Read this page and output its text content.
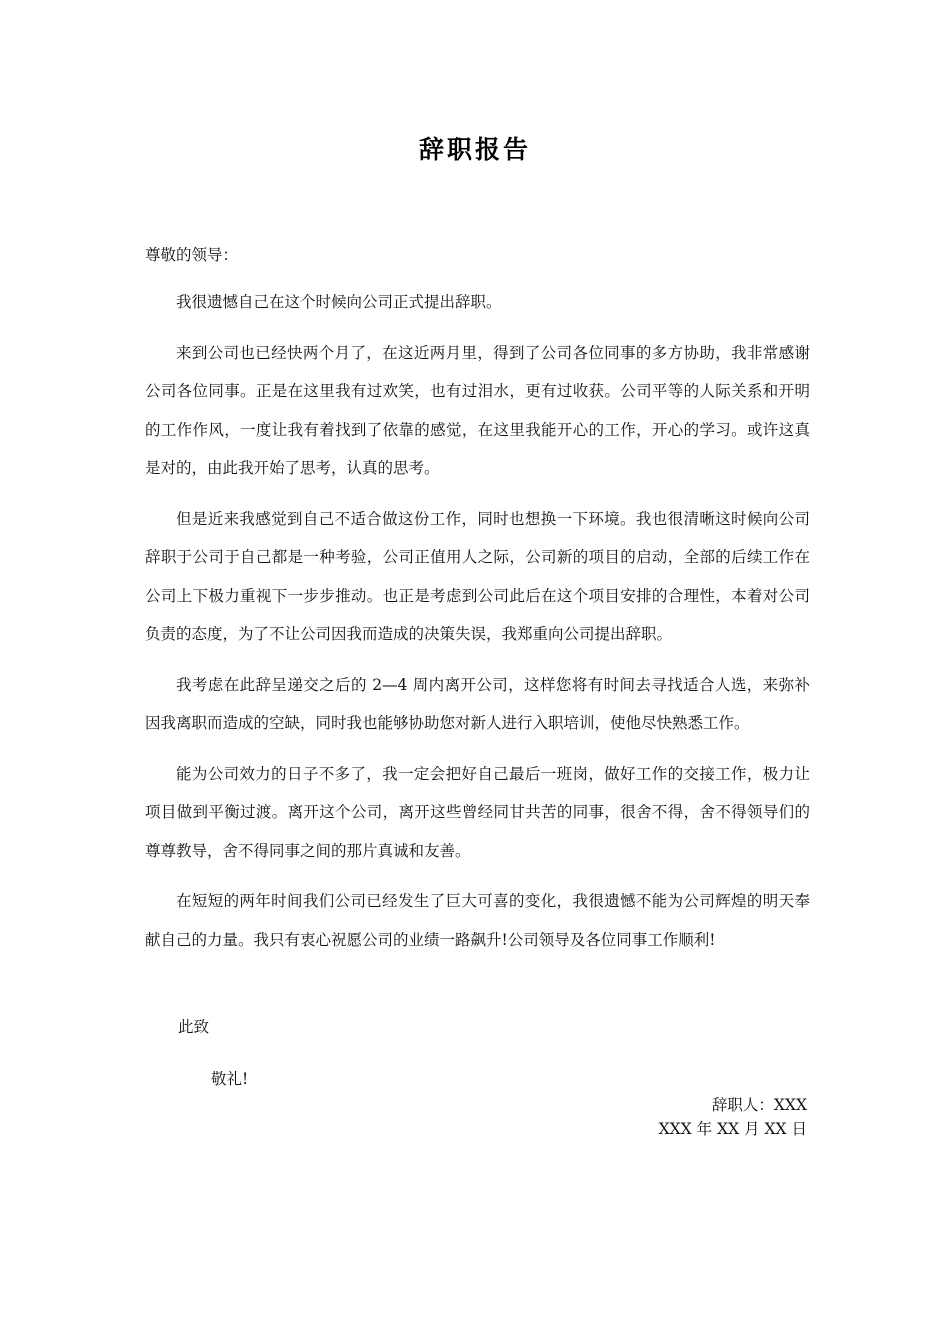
辞职报告
尊敬的领导：

我很遗憾自己在这个时候向公司正式提出辞职。

来到公司也已经快两个月了，在这近两月里，得到了公司各位同事的多方协助，我非常感谢公司各位同事。正是在这里我有过欢笑，也有过泪水，更有过收获。公司平等的人际关系和开明的工作作风，一度让我有着找到了依靠的感觉，在这里我能开心的工作，开心的学习。或许这真是对的，由此我开始了思考，认真的思考。

但是近来我感觉到自己不适合做这份工作，同时也想换一下环境。我也很清晰这时候向公司辞职于公司于自己都是一种考验，公司正值用人之际，公司新的项目的启动，全部的后续工作在公司上下极力重视下一步步推动。也正是考虑到公司此后在这个项目安排的合理性，本着对公司负责的态度，为了不让公司因我而造成的决策失误，我郑重向公司提出辞职。

我考虑在此辞呈递交之后的 2—4 周内离开公司，这样您将有时间去寻找适合人选，来弥补因我离职而造成的空缺，同时我也能够协助您对新人进行入职培训，使他尽快熟悉工作。

能为公司效力的日子不多了，我一定会把好自己最后一班岗，做好工作的交接工作，极力让项目做到平衡过渡。离开这个公司，离开这些曾经同甘共苦的同事，很舍不得，舍不得领导们的尊尊教导，舍不得同事之间的那片真诚和友善。

在短短的两年时间我们公司已经发生了巨大可喜的变化，我很遗憾不能为公司辉煌的明天奉献自己的力量。我只有衷心祝愿公司的业绩一路飙升!公司领导及各位同事工作顺利!

此致
敬礼!
辞职人：XXX
XXX 年 XX 月 XX 日
